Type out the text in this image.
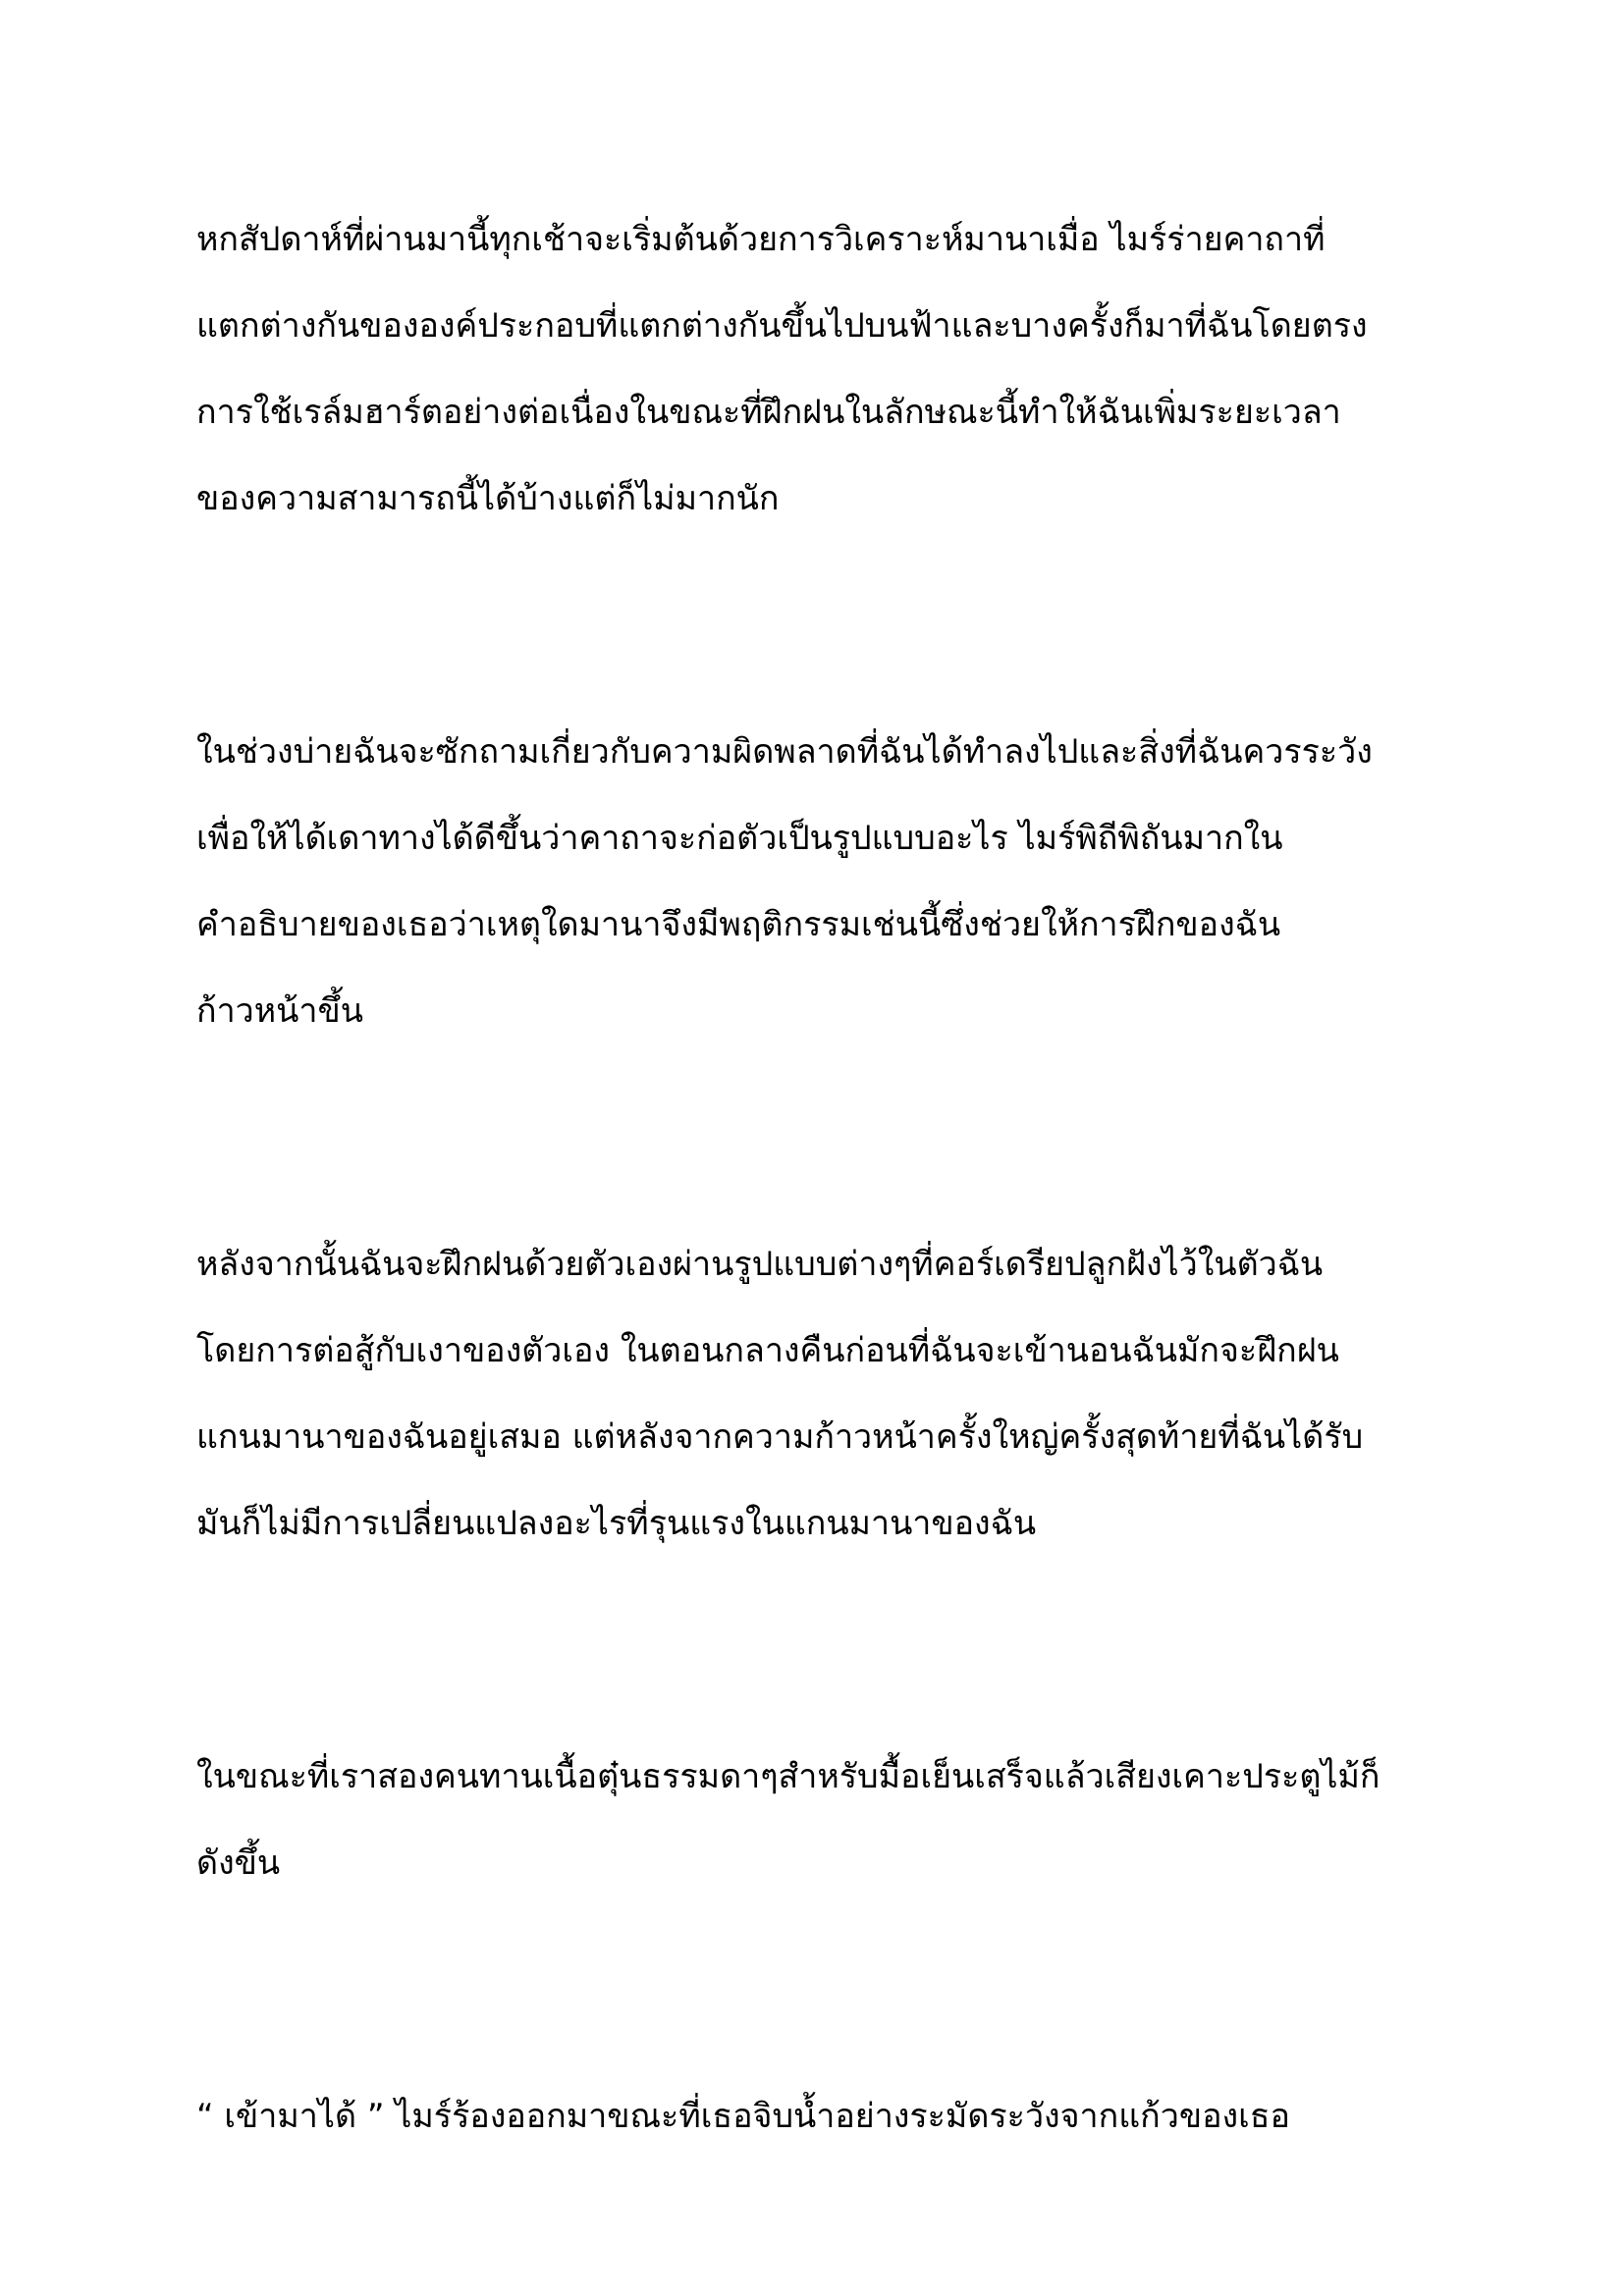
หกสัปดาห์ที่ผ่านมานี้ทุกเช้าจะเริ่มต้นด้วยการวิเคราะห์มานาเมื่อ ไมร์ร่ายคาถาที่
แตกต่างกันขององค์ประกอบที่แตกต่างกันขึ้นไปบนฟ้าและบางครั้งก็มาที่ฉันโดยตรง
การใช้เรล์มฮาร์ตอย่างต่อเนื่องในขณะที่ฝึกฝนในลักษณะนี้ทำให้ฉันเพิ่มระยะเวลา
ของความสามารถนี้ได้บ้างแต่ก็ไม่มากนัก

ในช่วงบ่ายฉันจะซักถามเกี่ยวกับความผิดพลาดที่ฉันได้ทำลงไปและสิ่งที่ฉันควรระวัง
เพื่อให้ได้เดาทางได้ดีขึ้นว่าคาถาจะก่อตัวเป็นรูปแบบอะไร ไมร์พิถีพิถันมากใน
คำอธิบายของเธอว่าเหตุใดมานาจึงมีพฤติกรรมเช่นนี้ซึ่งช่วยให้การฝึกของฉัน
ก้าวหน้าขึ้น

หลังจากนั้นฉันจะฝึกฝนด้วยตัวเองผ่านรูปแบบต่างๆที่คอร์เดรียปลูกฝังไว้ในตัวฉัน
โดยการต่อสู้กับเงาของตัวเอง ในตอนกลางคืนก่อนที่ฉันจะเข้านอนฉันมักจะฝึกฝน
แกนมานาของฉันอยู่เสมอ แต่หลังจากความก้าวหน้าครั้งใหญ่ครั้งสุดท้ายที่ฉันได้รับ
มันก็ไม่มีการเปลี่ยนแปลงอะไรที่รุนแรงในแกนมานาของฉัน

ในขณะที่เราสองคนทานเนื้อตุ๋นธรรมดาๆสำหรับมื้อเย็นเสร็จแล้วเสียงเคาะประตูไม้ก็
ดังขึ้น

“ เข้ามาได้ ” ไมร์ร้องออกมาขณะที่เธอจิบน้ำอย่างระมัดระวังจากแก้วของเธอ
